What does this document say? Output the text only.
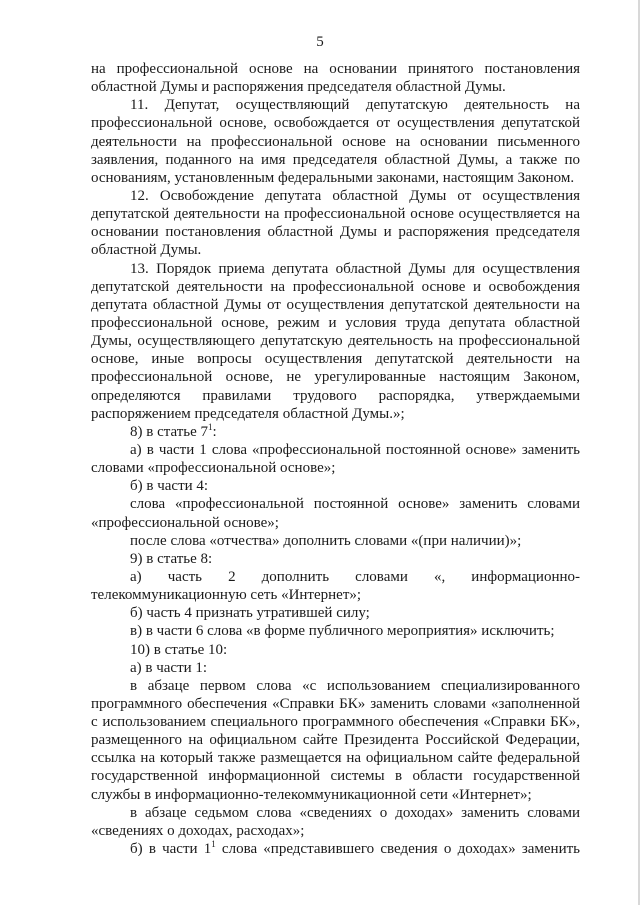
5
на профессиональной основе на основании принятого постановления
областной Думы и распоряжения председателя областной Думы.
11. Депутат, осуществляющий депутатскую деятельность на
профессиональной основе, освобождается от осуществления депутатской
деятельности на профессиональной основе на основании письменного
заявления, поданного на имя председателя областной Думы, а также по
основаниям, установленным федеральными законами, настоящим Законом.
12. Освобождение депутата областной Думы от осуществления
депутатской деятельности на профессиональной основе осуществляется на
основании постановления областной Думы и распоряжения председателя
областной Думы.
13. Порядок приема депутата областной Думы для осуществления
депутатской деятельности на профессиональной основе и освобождения
депутата областной Думы от осуществления депутатской деятельности на
профессиональной основе, режим и условия труда депутата областной
Думы, осуществляющего депутатскую деятельность на профессиональной
основе, иные вопросы осуществления депутатской деятельности на
профессиональной основе, не урегулированные настоящим Законом,
определяются правилами трудового распорядка, утверждаемыми
распоряжением председателя областной Думы.»;
8) в статье $7^1$:
а) в части 1 слова «профессиональной постоянной основе» заменить
словами «профессиональной основе»;
б) в части 4:
слова «профессиональной постоянной основе» заменить словами
«профессиональной основе»;
после слова «отчества» дополнить словами «(при наличии)»;
9) в статье 8:
а) часть 2 дополнить словами «, информационно-
телекоммуникационную сеть «Интернет»;
б) часть 4 признать утратившей силу;
в) в части 6 слова «в форме публичного мероприятия» исключить;
10) в статье 10:
а) в части 1:
в абзаце первом слова «с использованием специализированного
программного обеспечения «Справки БК» заменить словами «заполненной
с использованием специального программного обеспечения «Справки БК»,
размещенного на официальном сайте Президента Российской Федерации,
ссылка на который также размещается на официальном сайте федеральной
государственной информационной системы в области государственной
службы в информационно-телекоммуникационной сети «Интернет»;
в абзаце седьмом слова «сведениях о доходах» заменить словами
«сведениях о доходах, расходах»;
б) в части $1^1$ слова «представившего сведения о доходах» заменить
